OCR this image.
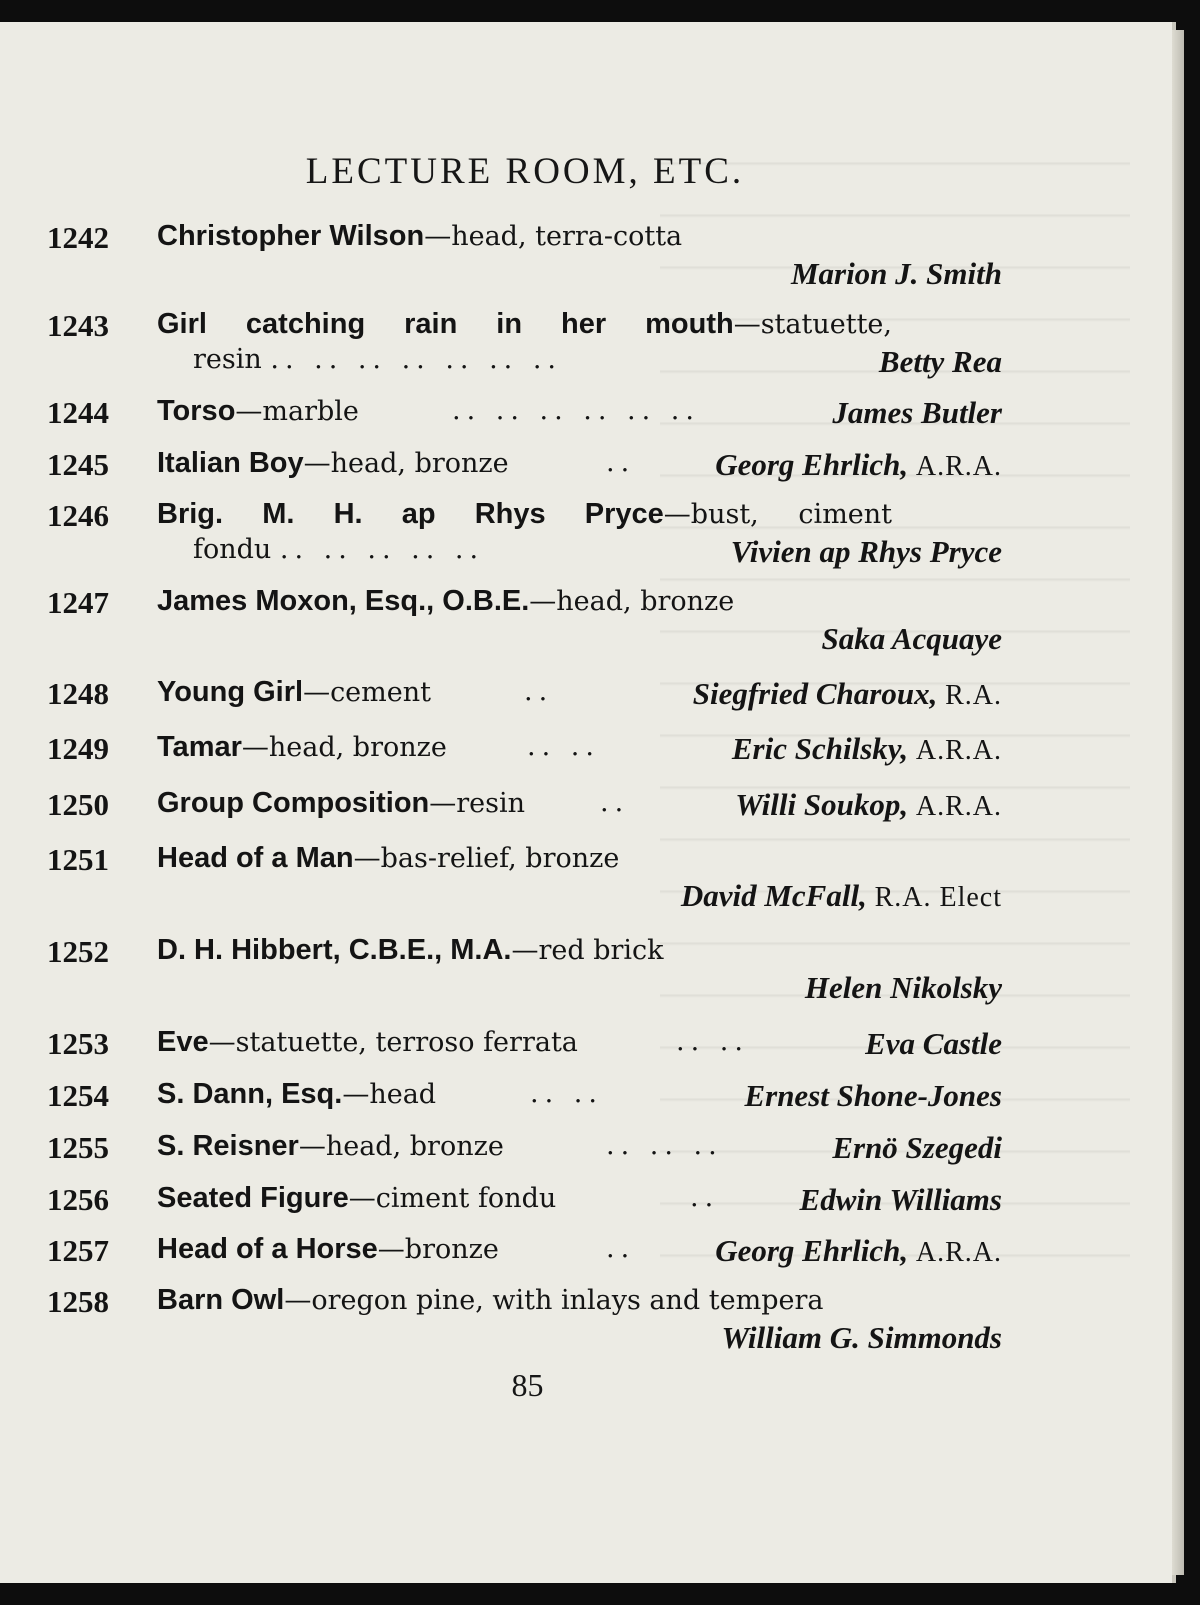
LECTURE ROOM, ETC.
1242 Christopher Wilson—head, terra-cotta
Marion J. Smith
1243 Girl catching rain in her mouth—statuette,
resin .. .. .. .. .. .. ..	Betty Rea
1244 Torso—marble	.. .. .. .. .. ..	James Butler
1245 Italian Boy—head, bronze	..	Georg Ehrlich, A.R.A.
1246 Brig. M. H. ap Rhys Pryce—bust, ciment
fondu .. .. .. .. ..	Vivien ap Rhys Pryce
1247 James Moxon, Esq., O.B.E.—head, bronze
Saka Acquaye
1248 Young Girl—cement	..	Siegfried Charoux, R.A.
1249 Tamar—head, bronze	.. ..	Eric Schilsky, A.R.A.
1250 Group Composition—resin	..	Willi Soukop, A.R.A.
1251 Head of a Man—bas-relief, bronze
David McFall, R.A. Elect
1252 D. H. Hibbert, C.B.E., M.A.—red brick
Helen Nikolsky
1253 Eve—statuette, terroso ferrata	.. ..	Eva Castle
1254 S. Dann, Esq.—head	.. ..	Ernest Shone-Jones
1255 S. Reisner—head, bronze	.. .. ..	Ernö Szegedi
1256 Seated Figure—ciment fondu	..	Edwin Williams
1257 Head of a Horse—bronze	..	Georg Ehrlich, A.R.A.
1258 Barn Owl—oregon pine, with inlays and tempera
William G. Simmonds
85
